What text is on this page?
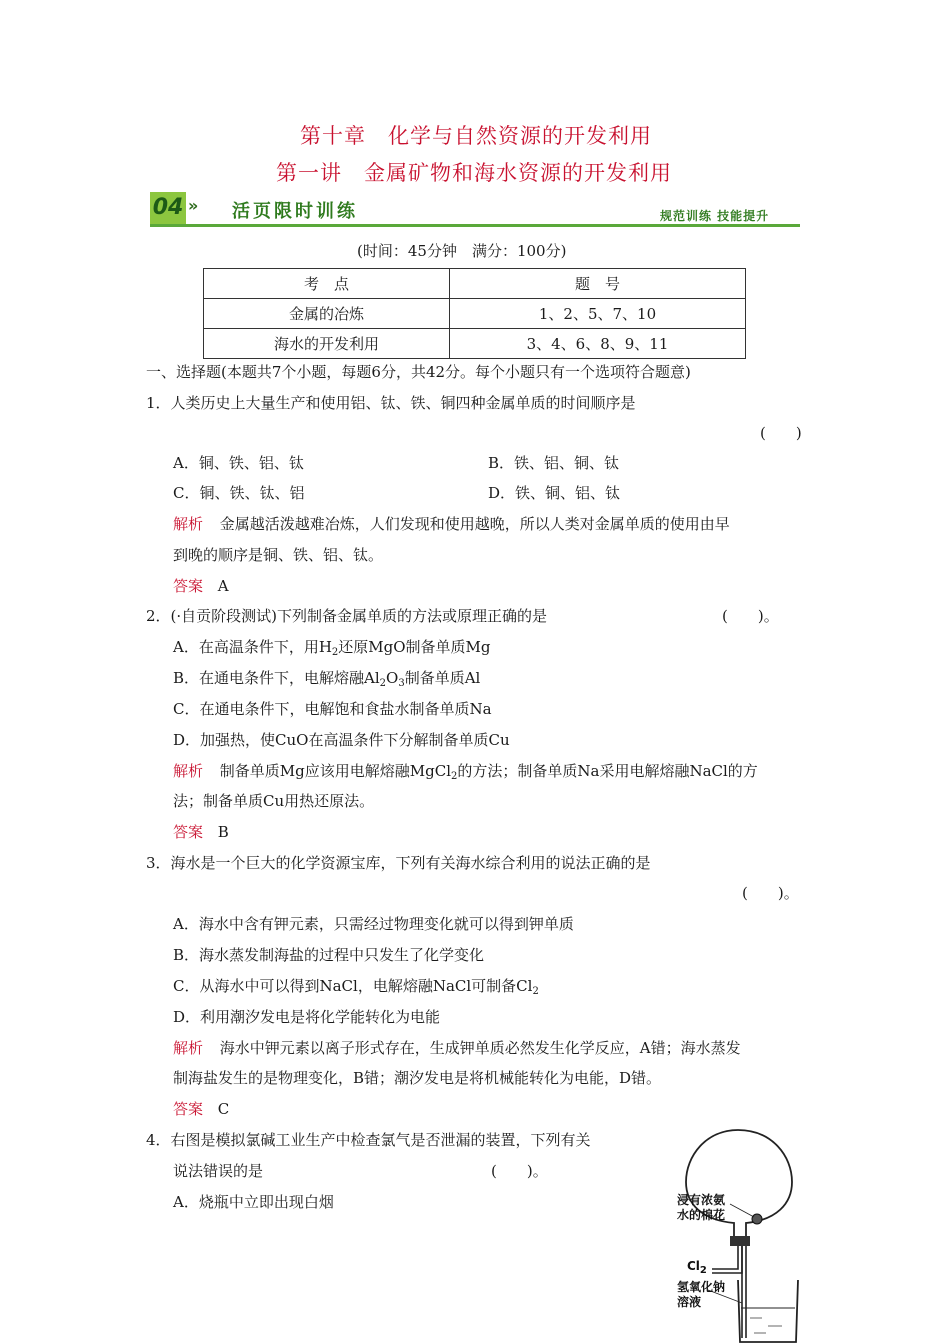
第十章　化学与自然资源的开发利用
第一讲　金属矿物和海水资源的开发利用
04 » 活页限时训练	规范训练 技能提升
(时间：45分钟　满分：100分)
考　点	题　号
金属的冶炼	1、2、5、7、10
海水的开发利用	3、4、6、8、9、11
一、选择题(本题共7个小题，每题6分，共42分。每个小题只有一个选项符合题意)
1．人类历史上大量生产和使用铝、钛、铁、铜四种金属单质的时间顺序是
(　　)
A．铜、铁、铝、钛	B．铁、铝、铜、钛
C．铜、铁、钛、铝	D．铁、铜、铝、钛
解析 金属越活泼越难冶炼，人们发现和使用越晚，所以人类对金属单质的使用由早
到晚的顺序是铜、铁、铝、钛。
答案 A
2．(·自贡阶段测试)下列制备金属单质的方法或原理正确的是	(　　)。
A．在高温条件下，用$H_2$还原MgO制备单质Mg
B．在通电条件下，电解熔融$Al_2O_3$制备单质Al
C．在通电条件下，电解饱和食盐水制备单质Na
D．加强热，使CuO在高温条件下分解制备单质Cu
解析 制备单质Mg应该用电解熔融MgCl$_2$的方法；制备单质Na采用电解熔融NaCl的方
法；制备单质Cu用热还原法。
答案 B
3．海水是一个巨大的化学资源宝库，下列有关海水综合利用的说法正确的是
(　　)。
A．海水中含有钾元素，只需经过物理变化就可以得到钾单质
B．海水蒸发制海盐的过程中只发生了化学变化
C．从海水中可以得到NaCl，电解熔融NaCl可制备$Cl_2$
D．利用潮汐发电是将化学能转化为电能
解析 海水中钾元素以离子形式存在，生成钾单质必然发生化学反应，A错；海水蒸发
制海盐发生的是物理变化，B错；潮汐发电是将机械能转化为电能，D错。
答案 C
4．右图是模拟氯碱工业生产中检查氯气是否泄漏的装置，下列有关
说法错误的是	(　　)。
A．烧瓶中立即出现白烟	浸有浓氨
水的棉花
$Cl_2$
氢氧化钠
溶液
